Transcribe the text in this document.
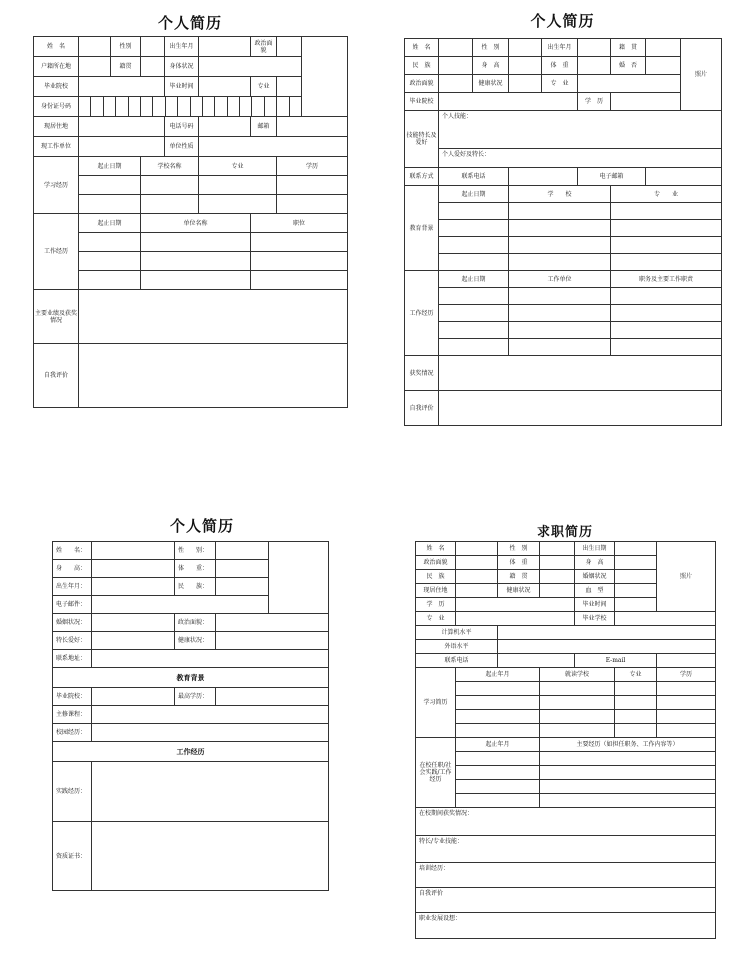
个人简历
姓　名		性别		出生年月		政治面貌		
户籍所在地		籍贯		身体状况				
毕业院校				毕业时间		专业		
身份证号码								

现居住地				电话号码		邮箱		
现工作单位				单位性质				
学习经历	起止日期		学校名称		专业		学历	

工作经历	起止日期		单位名称			职位		

主要业绩及获奖情况								
自我评价								
个人简历
姓　名		性　别		出生年月		籍　贯		照片
民　族		身　高		体　重		婚　否		
政治面貌		健康状况		专　业				
毕业院校					学　历			
技能特长及爱好	个人技能：							
	个人爱好及特长：							
联系方式	联系电话				电子邮箱			
教育背景	起止日期		学　　校			专　　业		

工作经历	起止日期		工作单位			职务及主要工作职责		

获奖情况								
自我评价								
个人简历
姓　　名：		性　　别：		
身　　高：		体　　重：		
出生年月：		民　　族：		
电子邮件：				
婚姻状况：		政治面貌：		
特长爱好：		健康状况：		
联系地址：				
教育背景				
毕业院校：		最高学历：		
主修课程：				
校园经历：				
工作经历				
实践经历：				
资质证书：				
求职简历
姓　名		性　别		出生日期		照片
政治面貌		体　重		身　高		
民　族		籍　贯		婚姻状况		
现居住地		健康状况		血　型		
学　历				毕业时间		
专　业				毕业学校		
计算机水平						
外语水平						
联系电话				E-mail		
学习简历	起止年月		就读学校		专业	学历

在校任职/社会实践/工作经历	起止年月		主要经历（如担任职务、工作内容等）			

在校期间获奖情况：						
特长/专业技能：						
培训经历：						
自我评价						
职业发展设想：						
